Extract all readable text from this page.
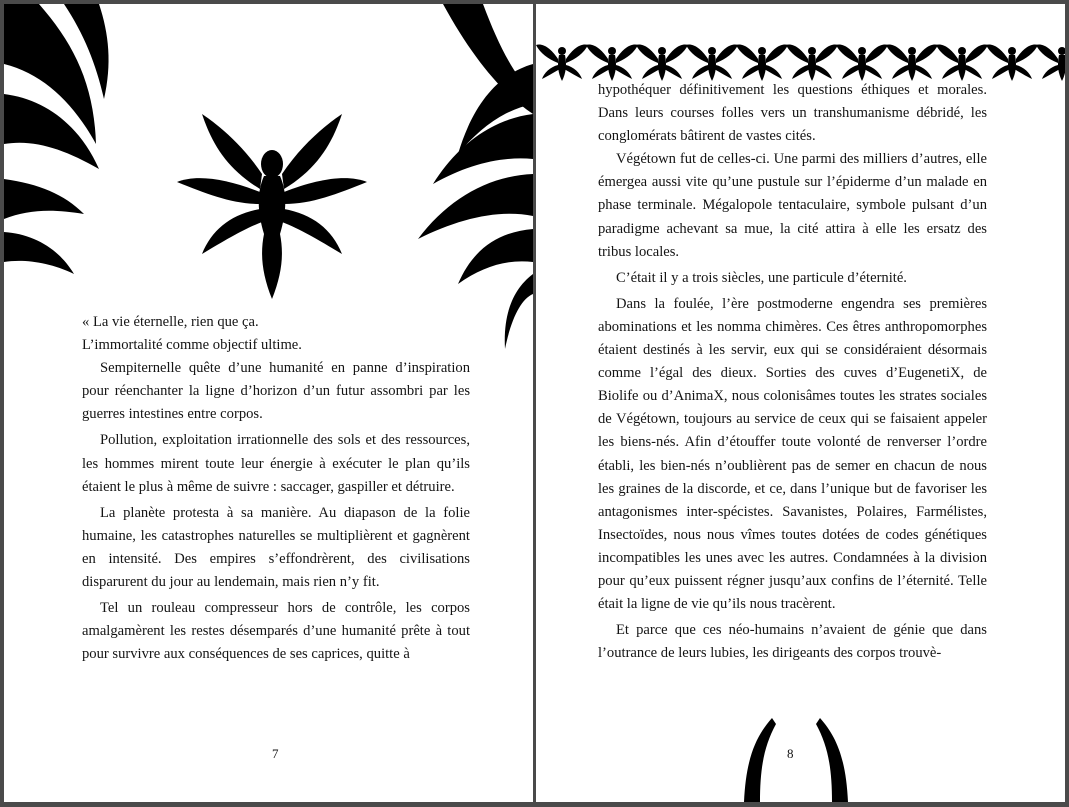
« La vie éternelle, rien que ça.

L’immortalité comme objectif ultime.

Sempiternelle quête d’une humanité en panne d’inspiration pour réenchanter la ligne d’horizon d’un futur assombri par les guerres intestines entre corpos.

Pollution, exploitation irrationnelle des sols et des ressources, les hommes mirent toute leur énergie à exécuter le plan qu’ils étaient le plus à même de suivre : saccager, gaspiller et détruire.

La planète protesta à sa manière. Au diapason de la folie humaine, les catastrophes naturelles se multiplièrent et gagnèrent en intensité. Des empires s’effondrèrent, des civilisations disparurent du jour au lendemain, mais rien n’y fit.

Tel un rouleau compresseur hors de contrôle, les corpos amalgamèrent les restes désemparés d’une humanité prête à tout pour survivre aux conséquences de ses caprices, quitte à

7

hypothéquer définitivement les questions éthiques et morales. Dans leurs courses folles vers un transhumanisme débridé, les conglomérats bâtirent de vastes cités.

Végétown fut de celles-ci. Une parmi des milliers d’autres, elle émergea aussi vite qu’une pustule sur l’épiderme d’un malade en phase terminale. Mégalopole tentaculaire, symbole pulsant d’un paradigme achevant sa mue, la cité attira à elle les ersatz des tribus locales.

C’était il y a trois siècles, une particule d’éternité.

Dans la foulée, l’ère postmoderne engendra ses premières abominations et les nomma chimères. Ces êtres anthropomorphes étaient destinés à les servir, eux qui se considéraient désormais comme l’égal des dieux. Sorties des cuves d’EugenetiX, de Biolife ou d’AnimaX, nous colonisâmes toutes les strates sociales de Végétown, toujours au service de ceux qui se faisaient appeler les biens-nés. Afin d’étouffer toute volonté de renverser l’ordre établi, les bien-nés n’oublièrent pas de semer en chacun de nous les graines de la discorde, et ce, dans l’unique but de favoriser les antagonismes inter-spécistes. Savanistes, Polaires, Farmélistes, Insectoïdes, nous nous vîmes toutes dotées de codes génétiques incompatibles les unes avec les autres. Condamnées à la division pour qu’eux puissent régner jusqu’aux confins de l’éternité. Telle était la ligne de vie qu’ils nous tracèrent.

Et parce que ces néo-humains n’avaient de génie que dans l’outrance de leurs lubies, les dirigeants des corpos trouvè-

8
